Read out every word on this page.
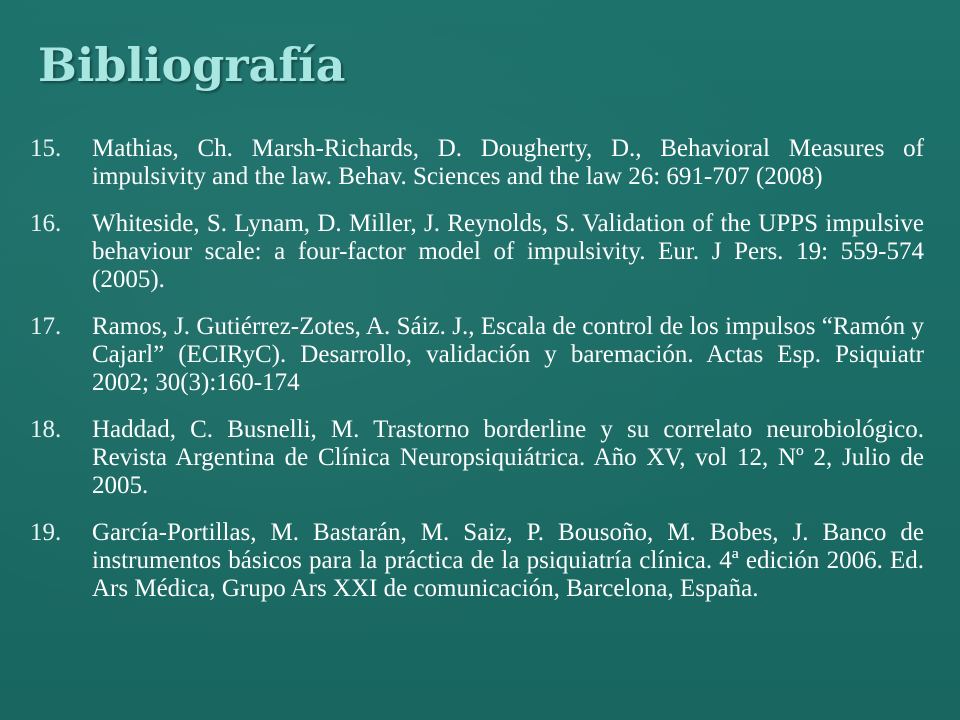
Bibliografía
15.	Mathias, Ch. Marsh-Richards, D. Dougherty, D., Behavioral Measures of impulsivity and the law. Behav. Sciences and the law 26: 691-707 (2008)
16.	Whiteside, S. Lynam, D. Miller, J. Reynolds, S. Validation of the UPPS impulsive behaviour scale: a four-factor model of impulsivity. Eur. J Pers. 19: 559-574 (2005).
17.	Ramos, J. Gutiérrez-Zotes, A. Sáiz. J., Escala de control de los impulsos “Ramón y Cajarl” (ECIRyC). Desarrollo, validación y baremación. Actas Esp. Psiquiatr 2002; 30(3):160-174
18.	Haddad, C. Busnelli, M. Trastorno borderline y su correlato neurobiológico. Revista Argentina de Clínica Neuropsiquiátrica. Año XV, vol 12, Nº 2, Julio de 2005.
19.	García-Portillas, M. Bastarán, M. Saiz, P. Bousoño, M. Bobes, J. Banco de instrumentos básicos para la práctica de la psiquiatría clínica. 4ª edición 2006. Ed. Ars Médica, Grupo Ars XXI de comunicación, Barcelona, España.
